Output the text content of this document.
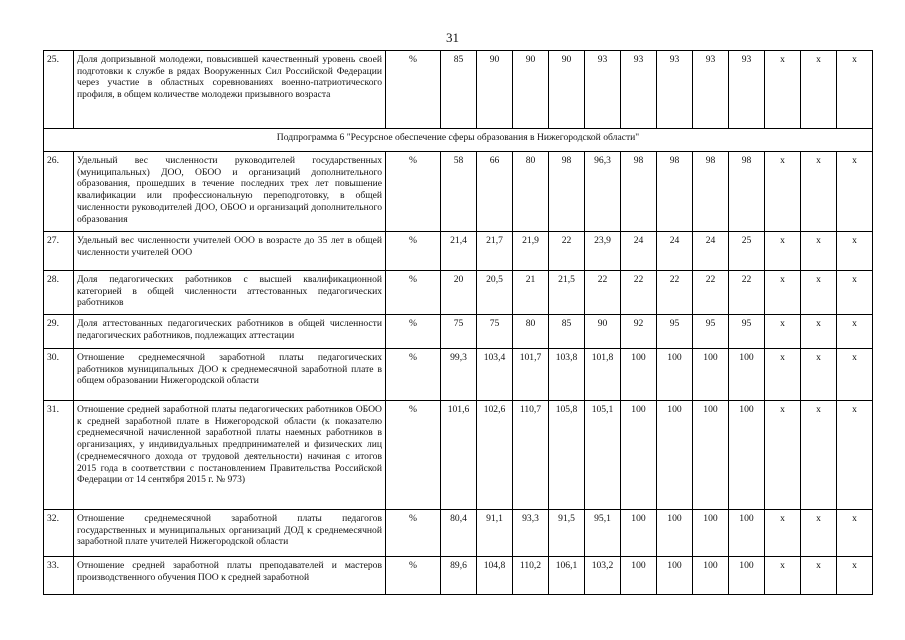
31
25.	Доля допризывной молодежи, повысившей качественный уровень своей подготовки к службе в рядах Вооруженных Сил Российской Федерации через участие в областных соревнованиях военно-патриотического профиля, в общем количестве молодежи призывного возраста	%	85	90	90	90	93	93	93	93	93	х	х	х
Подпрограмма 6 "Ресурсное обеспечение сферы образования в Нижегородской области"														
26.	Удельный вес численности руководителей государственных (муниципальных) ДОО, ОБОО и организаций дополнительного образования, прошедших в течение последних трех лет повышение квалификации или профессиональную переподготовку, в общей численности руководителей ДОО, ОБОО и организаций дополнительного образования	%	58	66	80	98	96,3	98	98	98	98	х	х	х
27.	Удельный вес численности учителей ООО в возрасте до 35 лет в общей численности учителей ООО	%	21,4	21,7	21,9	22	23,9	24	24	24	25	х	х	х
28.	Доля педагогических работников с высшей квалификационной категорией в общей численности аттестованных педагогических работников	%	20	20,5	21	21,5	22	22	22	22	22	х	х	х
29.	Доля аттестованных педагогических работников в общей численности педагогических работников, подлежащих аттестации	%	75	75	80	85	90	92	95	95	95	х	х	х
30.	Отношение среднемесячной заработной платы педагогических работников муниципальных ДОО к среднемесячной заработной плате в общем образовании Нижегородской области	%	99,3	103,4	101,7	103,8	101,8	100	100	100	100	х	х	х
31.	Отношение средней заработной платы педагогических работников ОБОО к средней заработной плате в Нижегородской области (к показателю среднемесячной начисленной заработной платы наемных работников в организациях, у индивидуальных предпринимателей и физических лиц (среднемесячного дохода от трудовой деятельности) начиная с итогов 2015 года в соответствии с постановлением Правительства Российской Федерации от 14 сентября 2015 г. № 973)	%	101,6	102,6	110,7	105,8	105,1	100	100	100	100	х	х	х
32.	Отношение среднемесячной заработной платы педагогов государственных и муниципальных организаций ДОД к среднемесячной заработной плате учителей Нижегородской области	%	80,4	91,1	93,3	91,5	95,1	100	100	100	100	х	х	х
33.	Отношение средней заработной платы преподавателей и мастеров производственного обучения ПОО к средней заработной	%	89,6	104,8	110,2	106,1	103,2	100	100	100	100	х	х	х
